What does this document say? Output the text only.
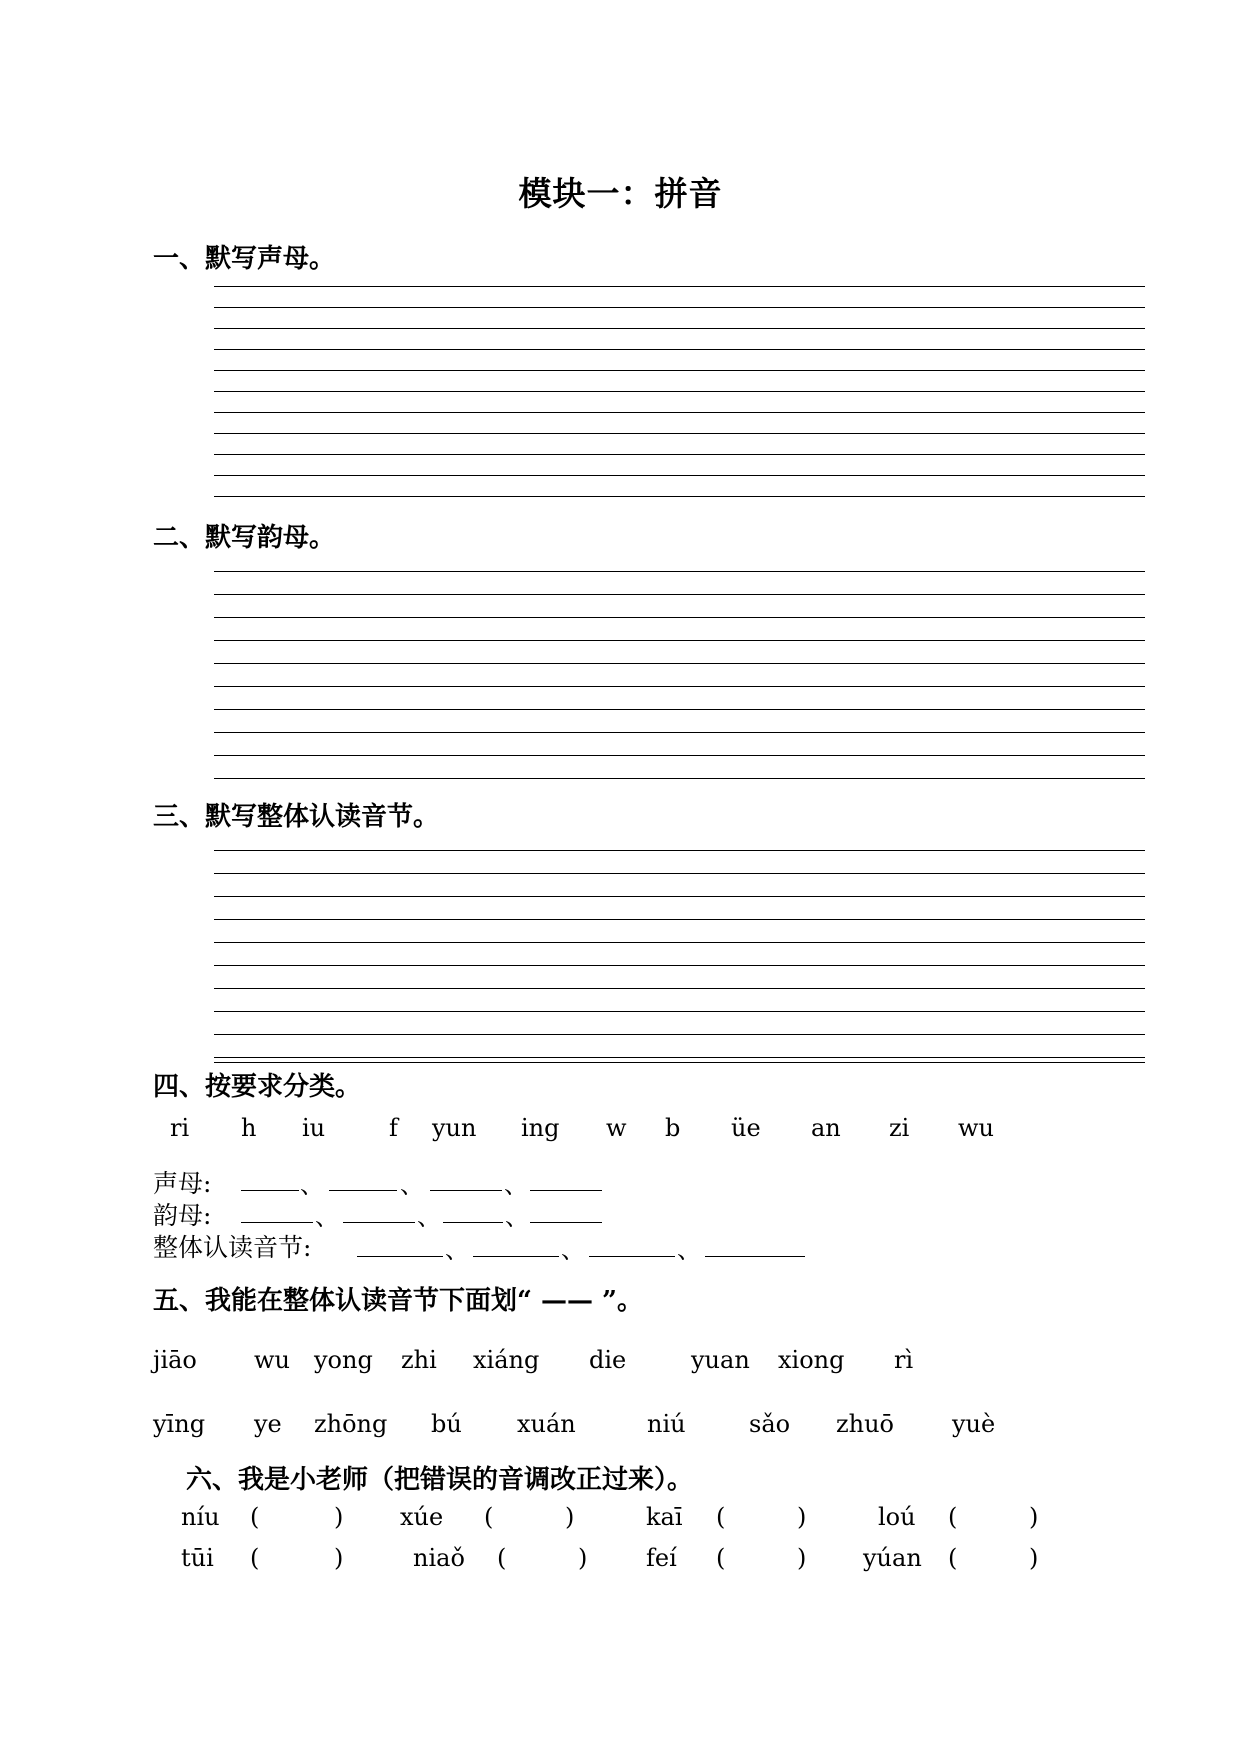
模块一：拼音
一、默写声母。
二、默写韵母。
三、默写整体认读音节。
四、按要求分类。
ri h iu	f yun ing w b üe an zi wu
声母:	、	、	、
韵母:	、	、	、
整体认读音节:	、	、	、
五、我能在整体认读音节下面划“ —— ”。
jiāo wu yong zhi xiáng die	yuan xiong rì
yīng ye zhōng bú xuán	niú	sǎo zhuō yuè
六、我是小老师（把错误的音调改正过来）。
níu (	) xúe (	)	kaī (	)	loú (	)
tūi (	)	niaǒ (	) feí (	) yúan (	)
